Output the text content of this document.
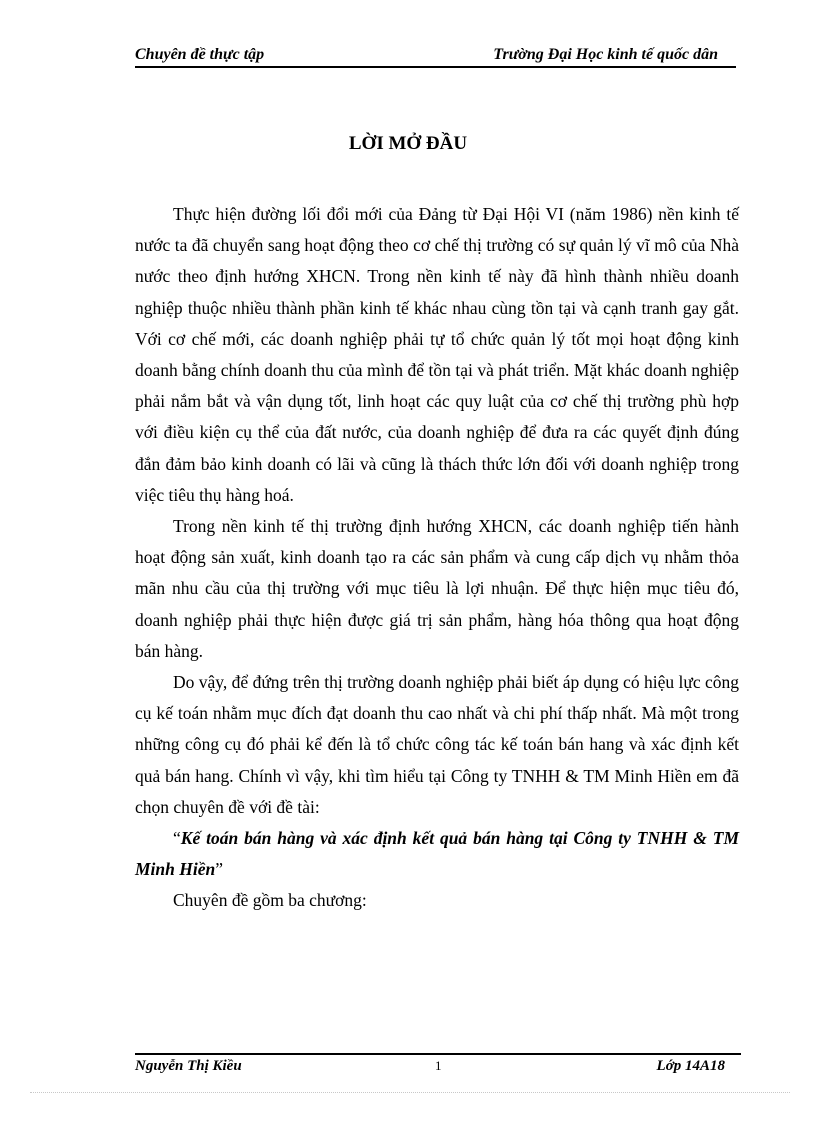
Chuyên đề thực tập	Trường Đại Học kinh tế quốc dân
LỜI MỞ ĐẦU

Thực hiện đường lối đổi mới của Đảng từ Đại Hội VI (năm 1986) nền kinh tế nước ta đã chuyển sang hoạt động theo cơ chế thị trường có sự quản lý vĩ mô của Nhà nước theo định hướng XHCN. Trong nền kinh tế này đã hình thành nhiều doanh nghiệp thuộc nhiều thành phần kinh tế khác nhau cùng tồn tại và cạnh tranh gay gắt. Với cơ chế mới, các doanh nghiệp phải tự tổ chức quản lý tốt mọi hoạt động kinh doanh bằng chính doanh thu của mình để tồn tại và phát triển. Mặt khác doanh nghiệp phải nắm bắt và vận dụng tốt, linh hoạt các quy luật của cơ chế thị trường phù hợp với điều kiện cụ thể của đất nước, của doanh nghiệp để đưa ra các quyết định đúng đắn đảm bảo kinh doanh có lãi và cũng là thách thức lớn đối với doanh nghiệp trong việc tiêu thụ hàng hoá.

Trong nền kinh tế thị trường định hướng XHCN, các doanh nghiệp tiến hành hoạt động sản xuất, kinh doanh tạo ra các sản phẩm và cung cấp dịch vụ nhằm thỏa mãn nhu cầu của thị trường với mục tiêu là lợi nhuận. Để thực hiện mục tiêu đó, doanh nghiệp phải thực hiện được giá trị sản phẩm, hàng hóa thông qua hoạt động bán hàng.

Do vậy, để đứng trên thị trường doanh nghiệp phải biết áp dụng có hiệu lực công cụ kế toán nhằm mục đích đạt doanh thu cao nhất và chi phí thấp nhất. Mà một trong những công cụ đó phải kể đến là tổ chức công tác kế toán bán hang và xác định kết quả bán hang. Chính vì vậy, khi tìm hiểu tại Công ty TNHH & TM Minh Hiền em đã chọn chuyên đề với đề tài:

“Kế toán bán hàng và xác định kết quả bán hàng tại Công ty TNHH & TM Minh Hiền”

Chuyên đề gồm ba chương:

Nguyễn Thị Kiều	1	Lớp 14A18
